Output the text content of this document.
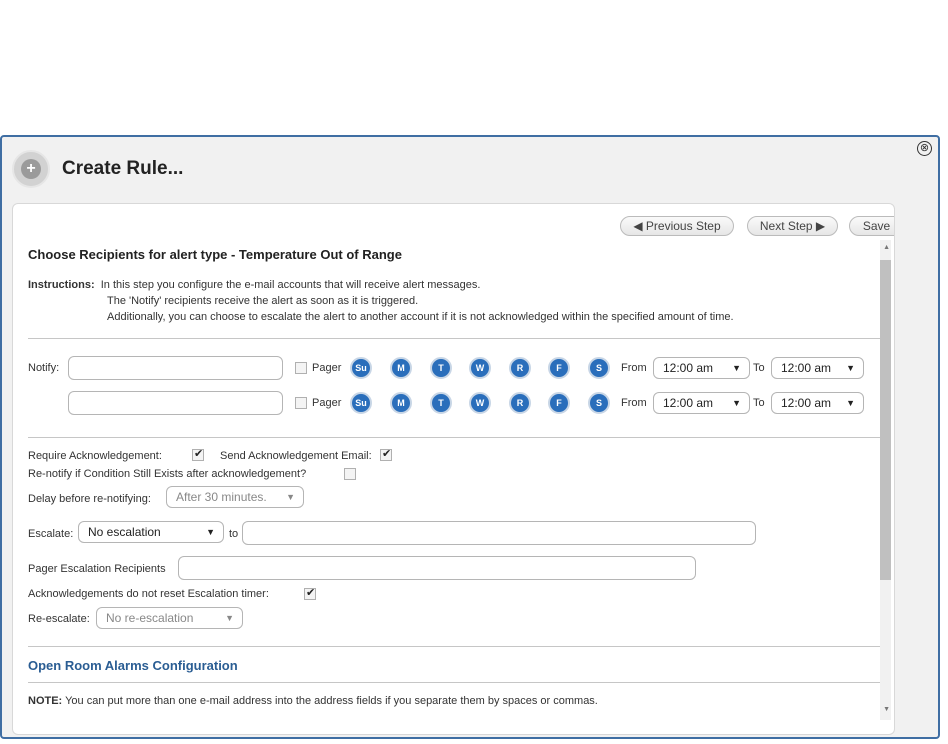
⊗
+ Create Rule...
◀ Previous Step	Next Step ▶	Save
Choose Recipients for alert type - Temperature Out of Range
Instructions: In this step you configure the e-mail accounts that will receive alert messages.
The 'Notify' recipients receive the alert as soon as it is triggered.
Additionally, you can choose to escalate the alert to another account if it is not acknowledged within the specified amount of time.
Notify:	Pager	Su	M	T	W	R	F	S	From	12:00 am ▼ To	12:00 am ▼
Pager	Su	M	T	W	R	F	S	From	12:00 am ▼ To	12:00 am ▼
Require Acknowledgement:
✔	Send Acknowledgement Email:
✔
Re-notify if Condition Still Exists after acknowledgement?
Delay before re-notifying:	After 30 minutes. ▼
Escalate:	No escalation	▼ to
Pager Escalation Recipients
Acknowledgements do not reset Escalation timer:
✔
Re-escalate:	No re-escalation	▼
Open Room Alarms Configuration
NOTE: You can put more than one e-mail address into the address fields if you separate them by spaces or commas.
▲
▼
